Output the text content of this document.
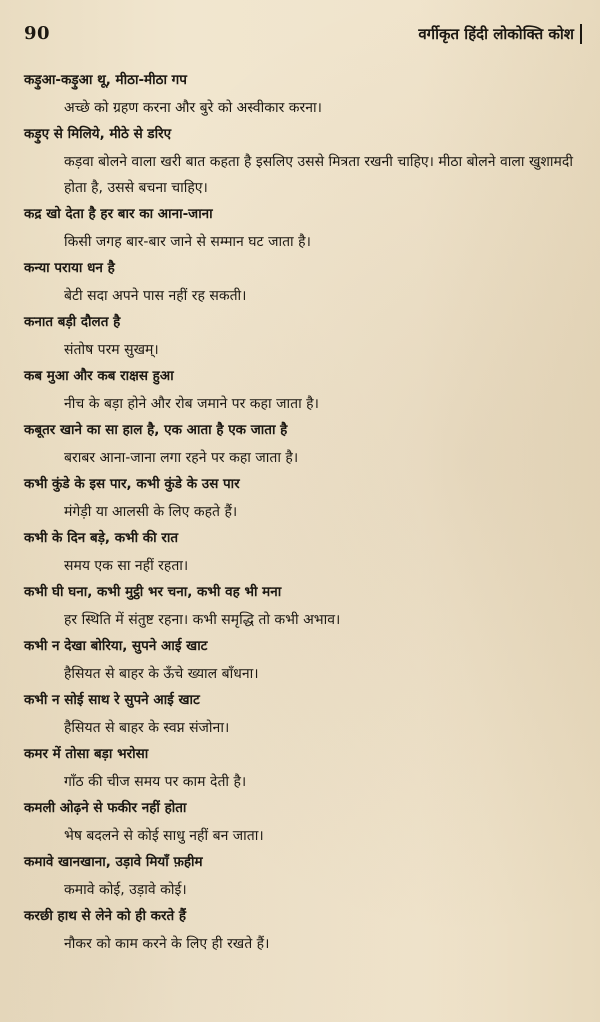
90	वर्गीकृत हिंदी लोकोक्ति कोश
कड़ुआ-कड़ुआ थू, मीठा-मीठा गप
अच्छे को ग्रहण करना और बुरे को अस्वीकार करना।
कड़ुए से मिलिये, मीठे से डरिए
कड़वा बोलने वाला खरी बात कहता है इसलिए उससे मित्रता रखनी चाहिए। मीठा बोलने वाला खुशामदी होता है, उससे बचना चाहिए।
कद्र खो देता है हर बार का आना-जाना
किसी जगह बार-बार जाने से सम्मान घट जाता है।
कन्या पराया धन है
बेटी सदा अपने पास नहीं रह सकती।
कनात बड़ी दौलत है
संतोष परम सुखम्।
कब मुआ और कब राक्षस हुआ
नीच के बड़ा होने और रोब जमाने पर कहा जाता है।
कबूतर खाने का सा हाल है, एक आता है एक जाता है
बराबर आना-जाना लगा रहने पर कहा जाता है।
कभी कुंडे के इस पार, कभी कुंडे के उस पार
मंगेड़ी या आलसी के लिए कहते हैं।
कभी के दिन बड़े, कभी की रात
समय एक सा नहीं रहता।
कभी घी घना, कभी मुट्ठी भर चना, कभी वह भी मना
हर स्थिति में संतुष्ट रहना। कभी समृद्धि तो कभी अभाव।
कभी न देखा बोरिया, सुपने आई खाट
हैसियत से बाहर के ऊँचे ख्याल बाँधना।
कभी न सोई साथ रे सुपने आई खाट
हैसियत से बाहर के स्वप्न संजोना।
कमर में तोसा बड़ा भरोसा
गाँठ की चीज समय पर काम देती है।
कमली ओढ़ने से फकीर नहीं होता
भेष बदलने से कोई साधु नहीं बन जाता।
कमावे खानखाना, उड़ावे मियाँ फ़हीम
कमावे कोई, उड़ावे कोई।
करछी हाथ से लेने को ही करते हैं
नौकर को काम करने के लिए ही रखते हैं।
